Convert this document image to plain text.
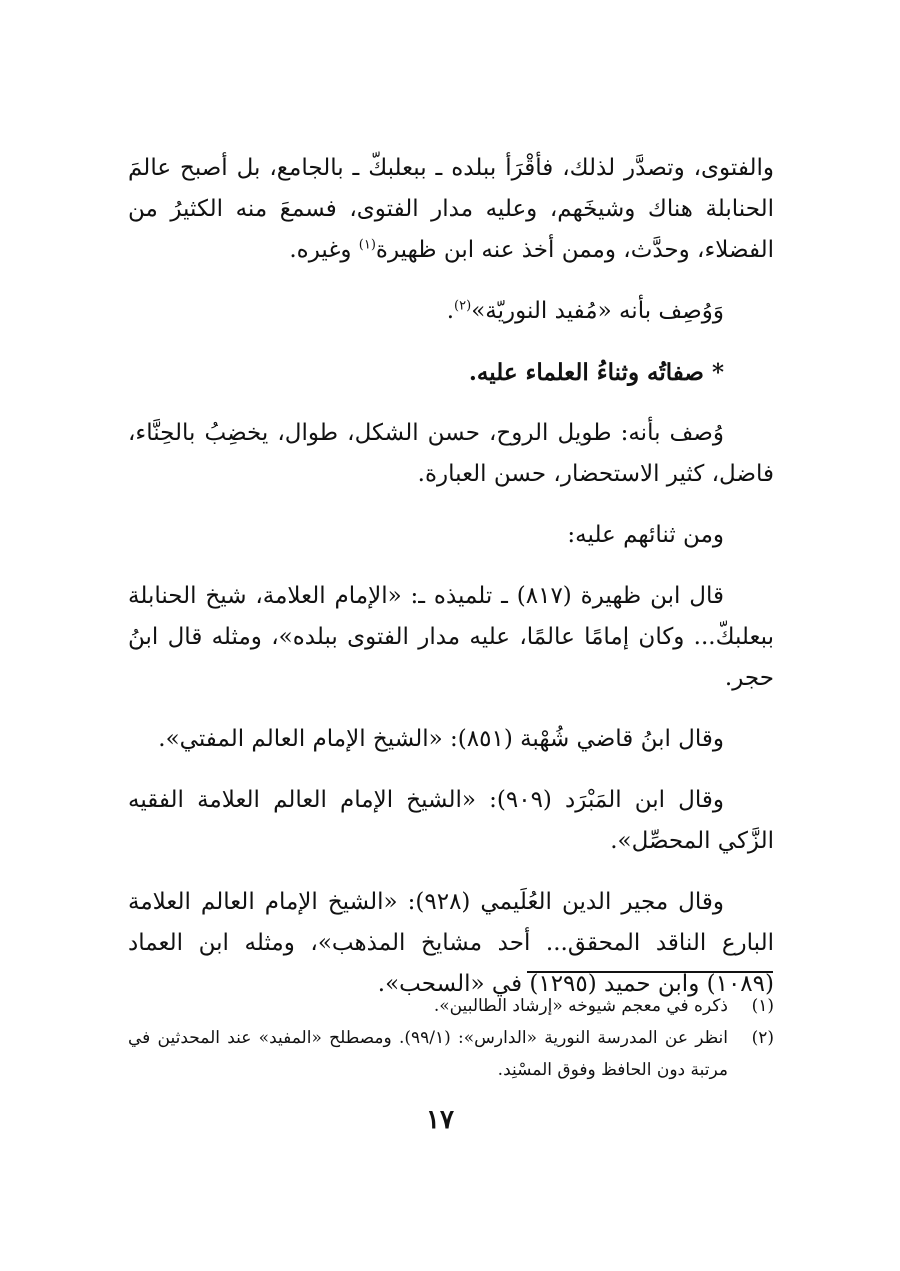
والفتوى، وتصدَّر لذلك، فأقْرَأ ببلده ـ ببعلبكّ ـ بالجامع، بل أصبح عالمَ الحنابلة هناك وشيخَهم، وعليه مدار الفتوى، فسمعَ منه الكثيرُ من الفضلاء، وحدَّث، وممن أخذ عنه ابن ظهيرة$^{(١)}$ وغيره.

وَوُصِف بأنه «مُفيد النوريّة»$^{(٢)}$.

* صفاتُه وثناءُ العلماء عليه.

وُصف بأنه: طويل الروح، حسن الشكل، طوال، يخضِبُ بالحِنَّاء، فاضل، كثير الاستحضار، حسن العبارة.

ومن ثنائهم عليه:

قال ابن ظهيرة (٨١٧) ـ تلميذه ـ: «الإمام العلامة، شيخ الحنابلة ببعلبكّ... وكان إمامًا عالمًا، عليه مدار الفتوى ببلده»، ومثله قال ابنُ حجر.

وقال ابنُ قاضي شُهْبة (٨٥١): «الشيخ الإمام العالم المفتي».

وقال ابن المَبْرَد (٩٠٩): «الشيخ الإمام العالم العلامة الفقيه الزَّكي المحصِّل».

وقال مجير الدين العُلَيمي (٩٢٨): «الشيخ الإمام العالم العلامة البارع الناقد المحقق... أحد مشايخ المذهب»، ومثله ابن العماد (١٠٨٩) وابن حميد (١٢٩٥) في «السحب».

(١)
ذكره في معجم شيوخه «إرشاد الطالبين».
(٢)
انظر عن المدرسة النورية «الدارس»: (٩٩/١). ومصطلح «المفيد» عند المحدثين في مرتبة دون الحافظ وفوق المسْنِد.
١٧
